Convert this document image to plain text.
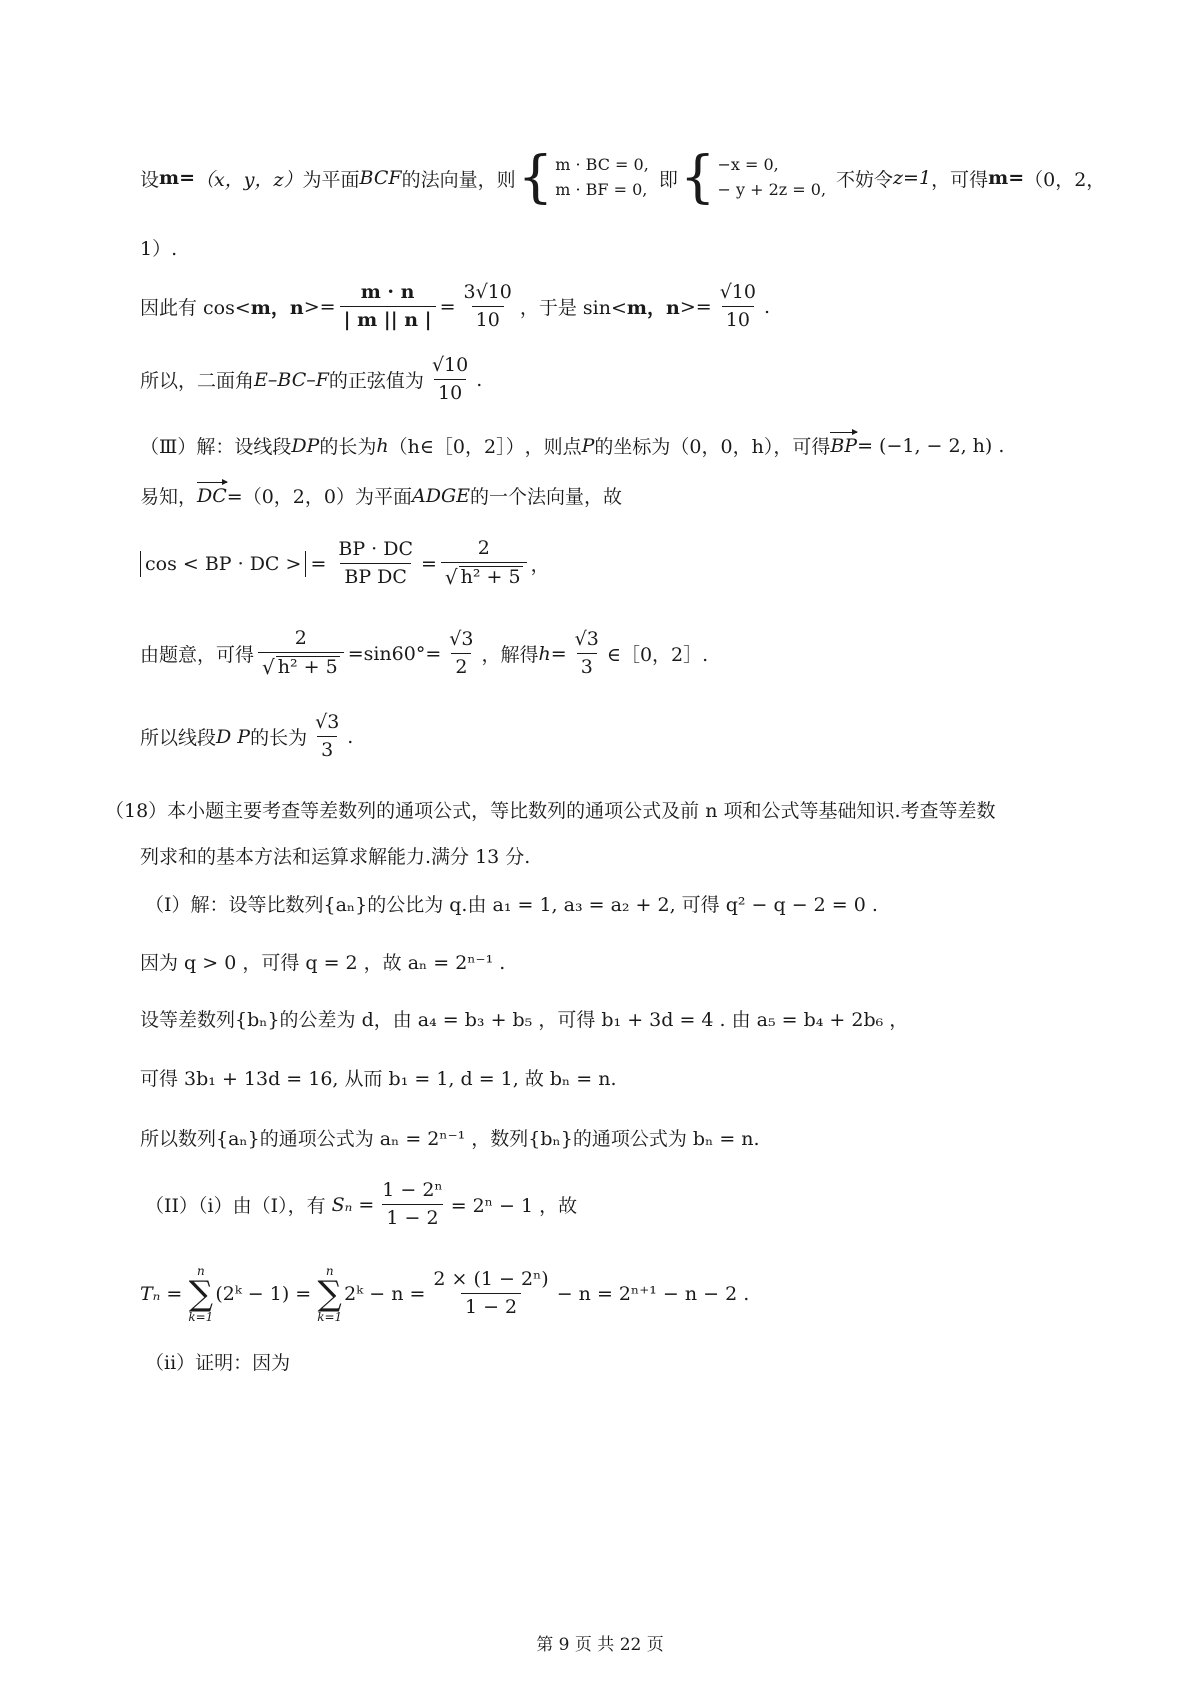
设 m= （x，y，z） 为平面 BCF 的法向量，则 { m · BC = 0,
m · BF = 0, 即 { −x = 0,
− y + 2z = 0, 不妨令 z=1 ，可得 m= （0，2，
1）.
因此有 cos< m，$n >= \frac{m \cdot n}{| m || n |} = \frac{3√10}{10}$ ，于是 sin< m，$n >= \frac{√10}{10}$ .
所以，二面角 E–BC–F 的正弦值为 $\frac{√10}{10}$ .
（Ⅲ）解：设线段 DP 的长为 h （h∈［0，2］） ，则点 P 的坐标为（0，0，h），可得 BP = (−1, − 2, h) .
易知， DC =（0，2，0）为平面 ADGE 的一个法向量，故
cos < BP · DC > = $\frac{BP \cdot DC}{\text{BP DC}} = \frac{2}{\text{√ h² + 5}}$ ，
由题意，可得 $\frac{2}{\text{√ h² + 5}} =\sin 60^\circ= \frac{√3}{2}$ ，解得 $h= \frac{√3}{3}$ ∈［0，2］.
所以线段 D P 的长为 $\frac{√3}{3}$ .
（18）本小题主要考查等差数列的通项公式，等比数列的通项公式及前 n 项和公式等基础知识.考查等差数
列求和的基本方法和运算求解能力.满分 13 分.
（I）解：设等比数列{aₙ}的公比为 q.由 a₁ = 1, a₃ = a₂ + 2, 可得 q² − q − 2 = 0 .
因为 q > 0 ，可得 q = 2 ，故 aₙ = 2ⁿ⁻¹ .
设等差数列{bₙ}的公差为 d，由 a₄ = b₃ + b₅ ，可得 b₁ + 3d = 4 . 由 a₅ = b₄ + 2b₆ ，
可得 3b₁ + 13d = 16, 从而 b₁ = 1, d = 1, 故 bₙ = n.
所以数列{aₙ}的通项公式为 aₙ = 2ⁿ⁻¹ ，数列{bₙ}的通项公式为 bₙ = n.
（II）（i）由（I），有 $S_n = \frac{\text{1 − 2ⁿ}}{1 - 2} = 2^n - 1$ ，故
Tₙ =
n
∑
k=1
(2ᵏ − 1) =
n
∑
k=1
2ᵏ − $n = \frac{\text{2 × (1 − 2ⁿ)}}{1 - 2} - n = 2^{n+1} - n - 2$ .
（ii）证明：因为
第 9 页 共 22 页
